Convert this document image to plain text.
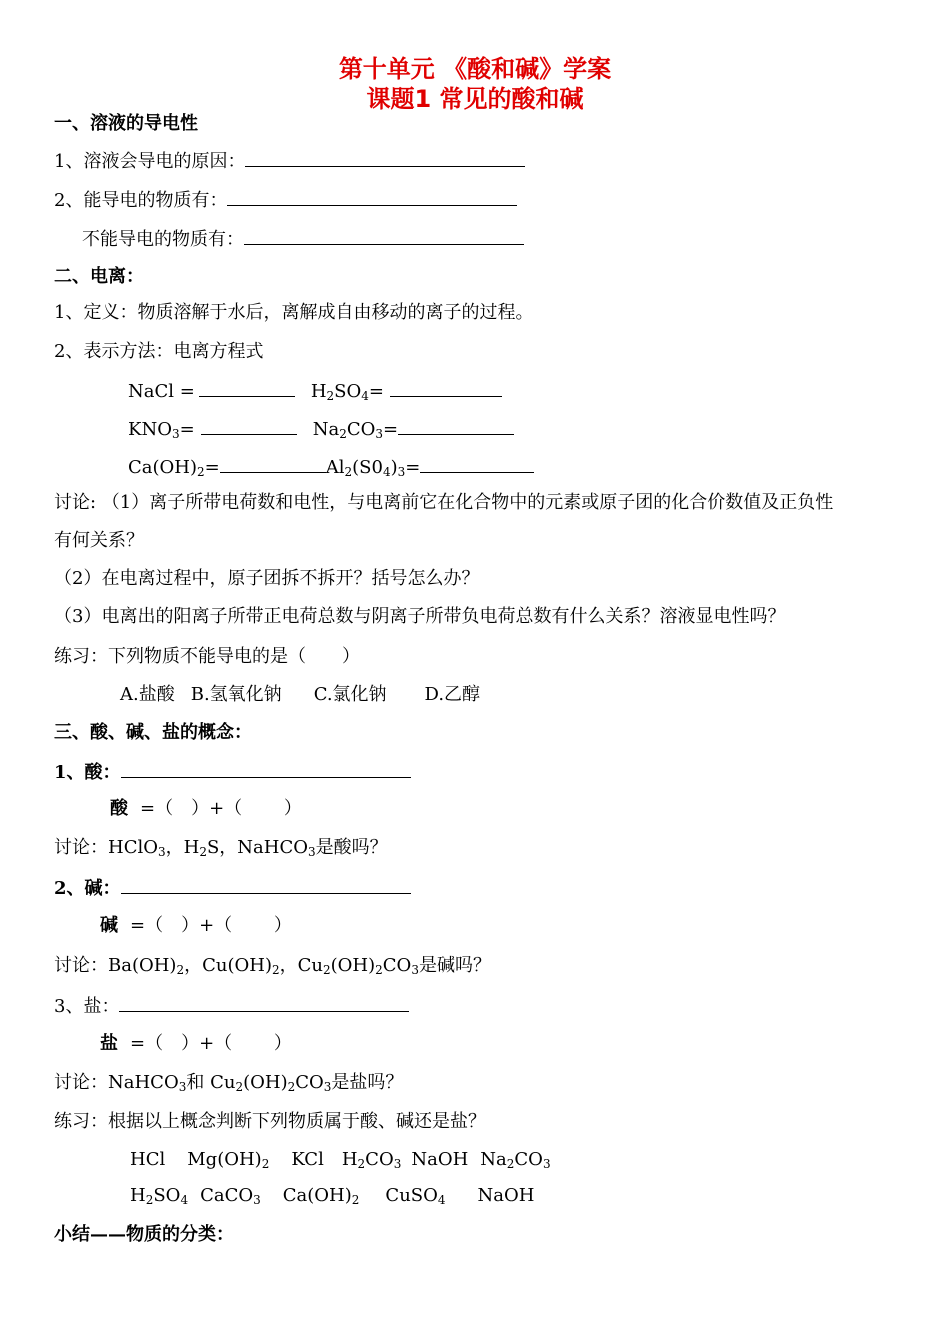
第十单元 《酸和碱》学案
课题1 常见的酸和碱
一、溶液的导电性
1、溶液会导电的原因：
2、能导电的物质有：
不能导电的物质有：
二、电离：
1、定义：物质溶解于水后，离解成自由移动的离子的过程。
2、表示方法：电离方程式
NaCl =	$H_2SO_4=$
$KNO_3=$	$Na_2CO_3=$
$Ca(OH)_2=$	$Al_2(S0_4)_3=$
讨论: （1）离子所带电荷数和电性，与电离前它在化合物中的元素或原子团的化合价数值及正负性
有何关系？
（2）在电离过程中，原子团拆不拆开？括号怎么办？
（3）电离出的阳离子所带正电荷总数与阴离子所带负电荷总数有什么关系？溶液显电性吗？
练习：下列物质不能导电的是（　　）
A.盐酸 B.氢氧化钠 C.氯化钠 D.乙醇
三、酸、碱、盐的概念：
1、酸：
酸 =（　）+（　　 ）
讨论：HClO$_3$，$H_2S$，NaHCO$_3$是酸吗？
2、碱：
碱 =（　）+（　　 ）
讨论：$Ba(OH)_2$，$Cu(OH)_2$，$Cu_2(OH)_2CO_3$是碱吗？
3、盐：
盐 =（　）+（　　 ）
讨论：NaHCO$_3$和 $Cu_2(OH)_2CO_3$是盐吗？
练习：根据以上概念判断下列物质属于酸、碱还是盐？
HCl $Mg(OH)_2$ KCl $H_2CO_3$ NaOH $Na_2CO_3$
$H_2SO_4$ CaCO$_3$ $Ca(OH)_2$ CuSO$_4$ NaOH
小结——物质的分类：
